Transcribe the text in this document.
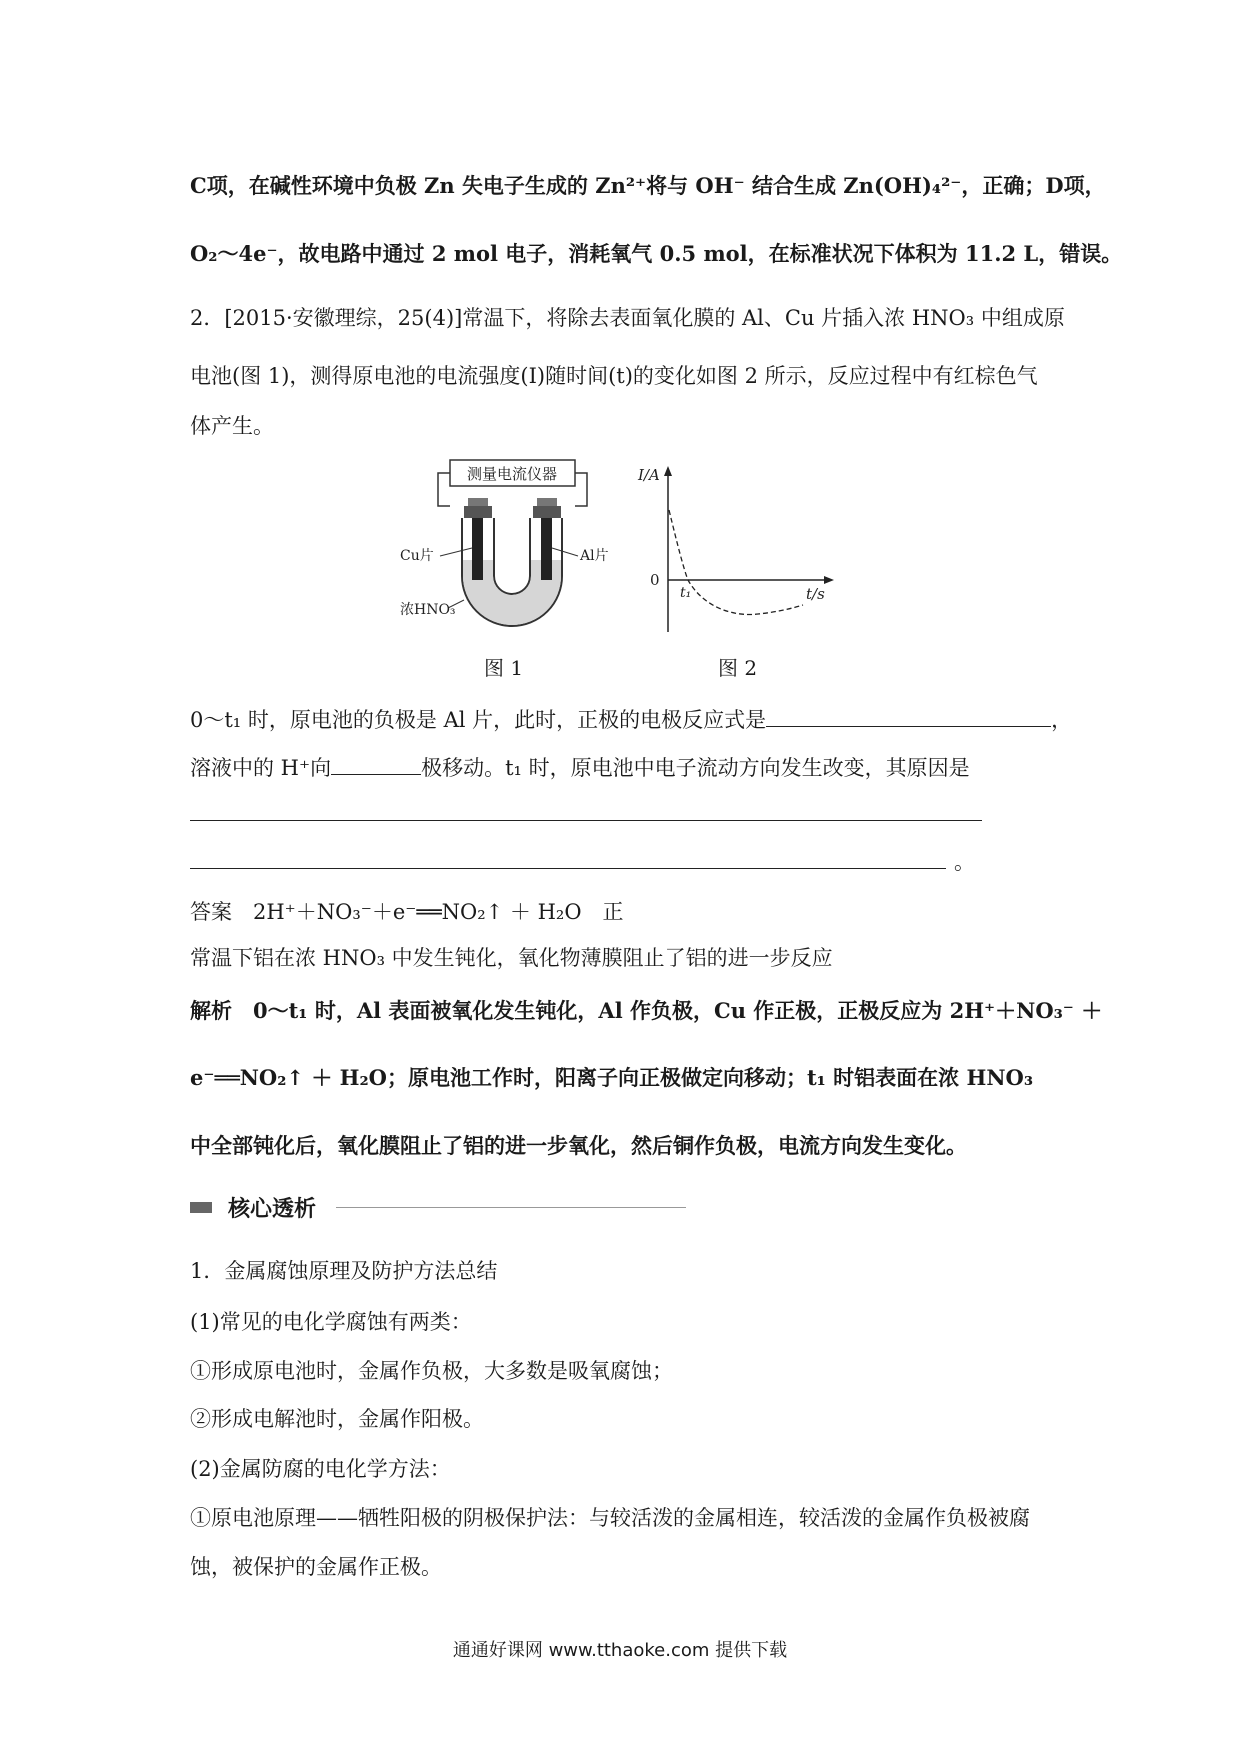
C项，在碱性环境中负极 Zn 失电子生成的 Zn²⁺将与 OH⁻ 结合生成 Zn(OH)₄²⁻，正确；D项，
O₂～4e⁻，故电路中通过 2 mol 电子，消耗氧气 0.5 mol，在标准状况下体积为 11.2 L，错误。
2．[2015·安徽理综，25(4)]常温下，将除去表面氧化膜的 Al、Cu 片插入浓 HNO₃ 中组成原
电池(图 1)，测得原电池的电流强度(I)随时间(t)的变化如图 2 所示，反应过程中有红棕色气
体产生。
测量电流仪器
Cu片	Al片
浓HNO₃
I/A
t/s
0
t₁
图 1	图 2
0～t₁ 时，原电池的负极是 Al 片，此时，正极的电极反应式是	，
溶液中的 H⁺向	极移动。t₁ 时，原电池中电子流动方向发生改变，其原因是
。
答案　2H⁺＋NO₃⁻＋e⁻══NO₂↑ ＋ H₂O　正
常温下铝在浓 HNO₃ 中发生钝化，氧化物薄膜阻止了铝的进一步反应
解析　0～t₁ 时，Al 表面被氧化发生钝化，Al 作负极，Cu 作正极，正极反应为 2H⁺＋NO₃⁻ ＋
e⁻══NO₂↑ ＋ H₂O；原电池工作时，阳离子向正极做定向移动；t₁ 时铝表面在浓 HNO₃
中全部钝化后，氧化膜阻止了铝的进一步氧化，然后铜作负极，电流方向发生变化。
核心透析
1．金属腐蚀原理及防护方法总结
(1)常见的电化学腐蚀有两类：
①形成原电池时，金属作负极，大多数是吸氧腐蚀；
②形成电解池时，金属作阳极。
(2)金属防腐的电化学方法：
①原电池原理——牺牲阳极的阴极保护法：与较活泼的金属相连，较活泼的金属作负极被腐
蚀，被保护的金属作正极。
通通好课网 www.tthaoke.com 提供下载
